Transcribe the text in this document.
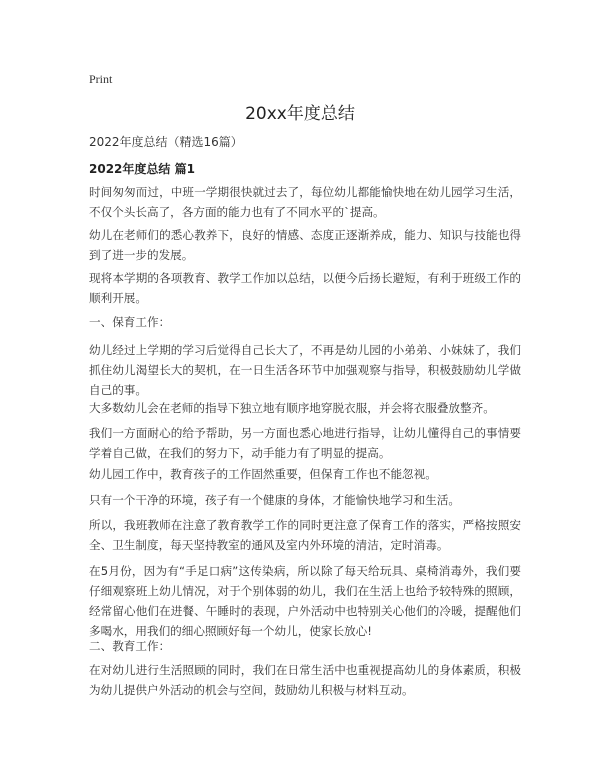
Print
20xx年度总结
2022年度总结（精选16篇）
2022年度总结 篇1

时间匆匆而过，中班一学期很快就过去了，每位幼儿都能愉快地在幼儿园学习生活，不仅个头长高了，各方面的能力也有了不同水平的`提高。

幼儿在老师们的悉心教养下，良好的情感、态度正逐渐养成，能力、知识与技能也得到了进一步的发展。

现将本学期的各项教育、教学工作加以总结，以便今后扬长避短，有利于班级工作的顺利开展。

一、保育工作：

幼儿经过上学期的学习后觉得自己长大了，不再是幼儿园的小弟弟、小妹妹了，我们抓住幼儿渴望长大的契机，在一日生活各环节中加强观察与指导，积极鼓励幼儿学做自己的事。

大多数幼儿会在老师的指导下独立地有顺序地穿脱衣服，并会将衣服叠放整齐。

我们一方面耐心的给予帮助，另一方面也悉心地进行指导，让幼儿懂得自己的事情要学着自己做，在我们的努力下，动手能力有了明显的提高。

幼儿园工作中，教育孩子的工作固然重要，但保育工作也不能忽视。

只有一个干净的环境，孩子有一个健康的身体，才能愉快地学习和生活。

所以，我班教师在注意了教育教学工作的同时更注意了保育工作的落实，严格按照安全、卫生制度，每天坚持教室的通风及室内外环境的清洁，定时消毒。

在5月份，因为有“手足口病”这传染病，所以除了每天给玩具、桌椅消毒外，我们要仔细观察班上幼儿情况，对于个别体弱的幼儿，我们在生活上也给予较特殊的照顾，经常留心他们在进餐、午睡时的表现，户外活动中也特别关心他们的冷暖，提醒他们多喝水，用我们的细心照顾好每一个幼儿，使家长放心!

二、教育工作：

在对幼儿进行生活照顾的同时，我们在日常生活中也重视提高幼儿的身体素质，积极为幼儿提供户外活动的机会与空间，鼓励幼儿积极与材料互动。
